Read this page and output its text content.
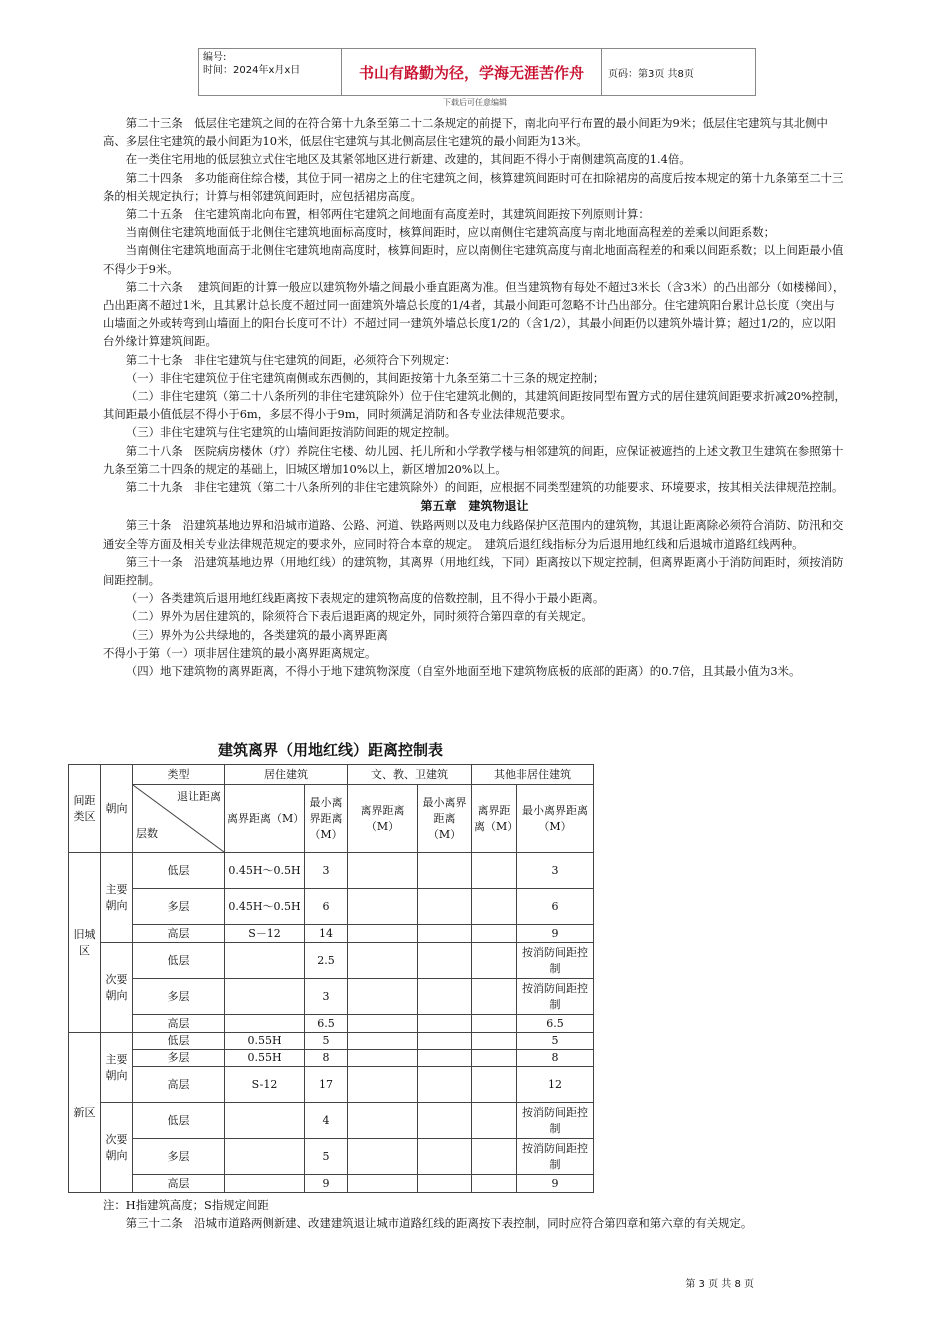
编号:
时间：2024年x月x日	书山有路勤为径，学海无涯苦作舟	页码：第3页 共8页
下载后可任意编辑

第二十三条　低层住宅建筑之间的在符合第十九条至第二十二条规定的前提下，南北向平行布置的最小间距为9米；低层住宅建筑与其北侧中高、多层住宅建筑的最小间距为10米，低层住宅建筑与其北侧高层住宅建筑的最小间距为13米。

在一类住宅用地的低层独立式住宅地区及其紧邻地区进行新建、改建的，其间距不得小于南侧建筑高度的1.4倍。

第二十四条　多功能商住综合楼，其位于同一裙房之上的住宅建筑之间，核算建筑间距时可在扣除裙房的高度后按本规定的第十九条第至二十三条的相关规定执行；计算与相邻建筑间距时，应包括裙房高度。

第二十五条　住宅建筑南北向布置，相邻两住宅建筑之间地面有高度差时，其建筑间距按下列原则计算：

当南侧住宅建筑地面低于北侧住宅建筑地面标高度时，核算间距时，应以南侧住宅建筑高度与南北地面高程差的差乘以间距系数；

当南侧住宅建筑地面高于北侧住宅建筑地南高度时，核算间距时，应以南侧住宅建筑高度与南北地面高程差的和乘以间距系数；以上间距最小值不得少于9米。

第二十六条　 建筑间距的计算一般应以建筑物外墙之间最小垂直距离为准。但当建筑物有每处不超过3米长（含3米）的凸出部分（如楼梯间），凸出距离不超过1米，且其累计总长度不超过同一面建筑外墙总长度的1/4者，其最小间距可忽略不计凸出部分。住宅建筑阳台累计总长度（突出与山墙面之外或转弯到山墙面上的阳台长度可不计）不超过同一建筑外墙总长度1/2的（含1/2），其最小间距仍以建筑外墙计算；超过1/2的，应以阳台外缘计算建筑间距。

第二十七条　非住宅建筑与住宅建筑的间距，必须符合下列规定：

（一）非住宅建筑位于住宅建筑南侧或东西侧的，其间距按第十九条至第二十三条的规定控制；

（二）非住宅建筑（第二十八条所列的非住宅建筑除外）位于住宅建筑北侧的，其建筑间距按同型布置方式的居住建筑间距要求折减20%控制，其间距最小值低层不得小于6m，多层不得小于9m，同时须满足消防和各专业法律规范要求。

（三）非住宅建筑与住宅建筑的山墙间距按消防间距的规定控制。

第二十八条　医院病房楼休（疗）养院住宅楼、幼儿园、托儿所和小学教学楼与相邻建筑的间距，应保证被遮挡的上述文教卫生建筑在参照第十九条至第二十四条的规定的基础上，旧城区增加10%以上，新区增加20%以上。

第二十九条　非住宅建筑（第二十八条所列的非住宅建筑除外）的间距，应根据不同类型建筑的功能要求、环境要求，按其相关法律规范控制。

第五章　建筑物退让

第三十条　沿建筑基地边界和沿城市道路、公路、河道、铁路两则以及电力线路保护区范围内的建筑物，其退让距离除必须符合消防、防汛和交通安全等方面及相关专业法律规范规定的要求外，应同时符合本章的规定。　建筑后退红线指标分为后退用地红线和后退城市道路红线两种。

第三十一条　沿建筑基地边界（用地红线）的建筑物，其离界（用地红线，下同）距离按以下规定控制，但离界距离小于消防间距时，须按消防间距控制。

（一）各类建筑后退用地红线距离按下表规定的建筑物高度的倍数控制，且不得小于最小距离。

（二）界外为居住建筑的，除须符合下表后退距离的规定外，同时须符合第四章的有关规定。

（三）界外为公共绿地的，各类建筑的最小离界距离

不得小于第（一）项非居住建筑的最小离界距离规定。

（四）地下建筑物的离界距离，不得小于地下建筑物深度（自室外地面至地下建筑物底板的底部的距离）的0.7倍，且其最小值为3米。

建筑离界（用地红线）距离控制表
间距类区	朝向	类型	居住建筑		文、教、卫建筑		其他非居住建筑	

		退让距离
层数	离界距离（M）	最小离界距离（M）	离界距离（M）	最小离界距离（M）	离界距离（M）	最小离界距离（M）
旧城区	主要朝向	低层	0.45H～0.5H	3				3
		多层	0.45H～0.5H	6				6
		高层	S－12	14				9
	次要朝向	低层		2.5				按消防间距控制
		多层		3				按消防间距控制
		高层		6.5				6.5
新区	主要朝向	低层	0.55H	5				5
		多层	0.55H	8				8
		高层	S-12	17				12
	次要朝向	低层		4				按消防间距控制
		多层		5				按消防间距控制
		高层		9				9
注：H指建筑高度；S指规定间距
第三十二条　沿城市道路两侧新建、改建建筑退让城市道路红线的距离按下表控制，同时应符合第四章和第六章的有关规定。
第 3 页 共 8 页
